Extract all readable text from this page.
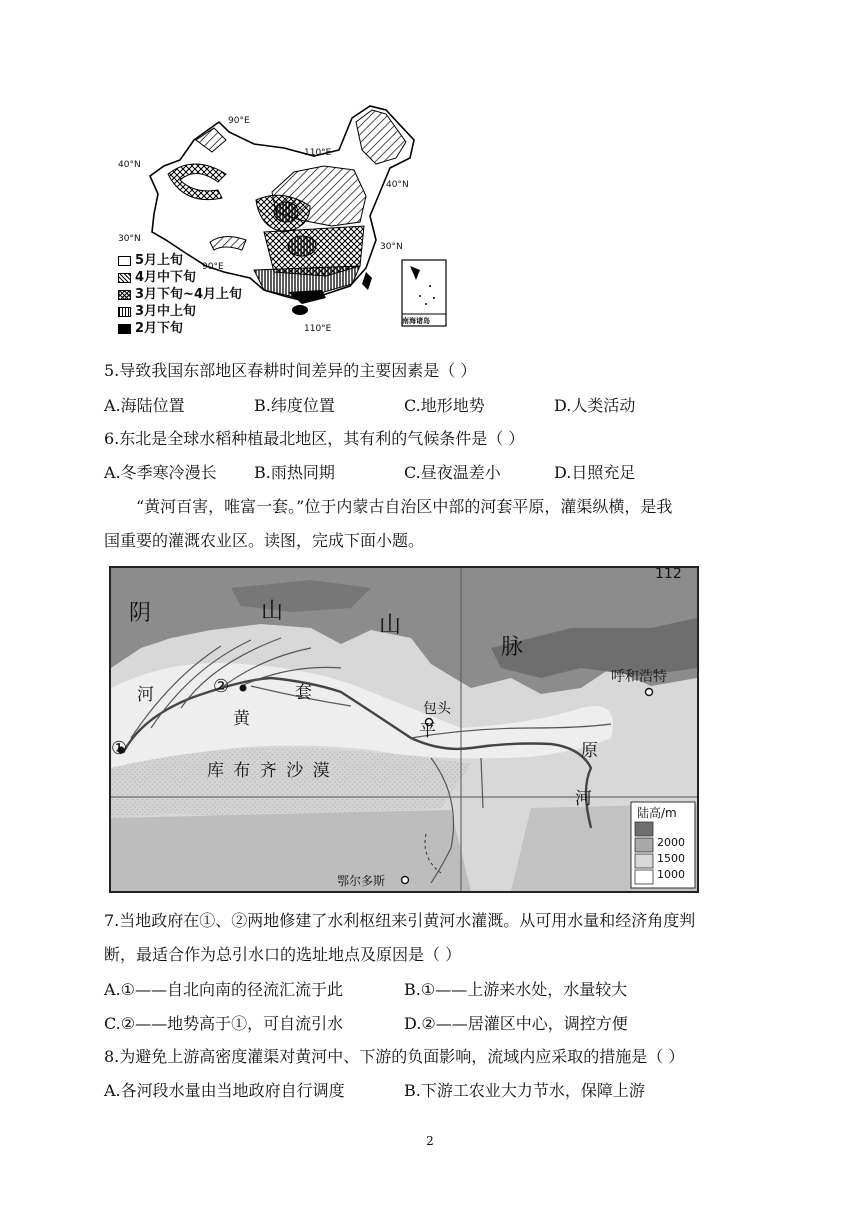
90°E
110°E
90°E
110°E
40°N
40°N
30°N
30°N
南海诸岛
5月上旬
4月中下旬
3月下旬~4月上旬
3月中上旬
2月下旬
5.导致我国东部地区春耕时间差异的主要因素是（ ）
A.海陆位置	B.纬度位置	C.地形地势	D.人类活动
6.东北是全球水稻种植最北地区，其有利的气候条件是（ ）
A.冬季寒冷漫长 B.雨热同期	C.昼夜温差小	D.日照充足
“黄河百害，唯富一套。”位于内蒙古自治区中部的河套平原，灌渠纵横，是我
国重要的灌溉农业区。读图，完成下面小题。
112
阴	山
山
脉
河
黄
套
平
原
河
库 布 齐 沙 漠
包头
呼和浩特
鄂尔多斯
①
②
陆高/m
2000
1500
1000
7.当地政府在①、②两地修建了水利枢纽来引黄河水灌溉。从可用水量和经济角度判
断，最适合作为总引水口的选址地点及原因是（ ）
A.①——自北向南的径流汇流于此	B.①——上游来水处，水量较大
C.②——地势高于①，可自流引水	D.②——居灌区中心，调控方便
8.为避免上游高密度灌渠对黄河中、下游的负面影响，流域内应采取的措施是（ ）
A.各河段水量由当地政府自行调度	B.下游工农业大力节水，保障上游
2
